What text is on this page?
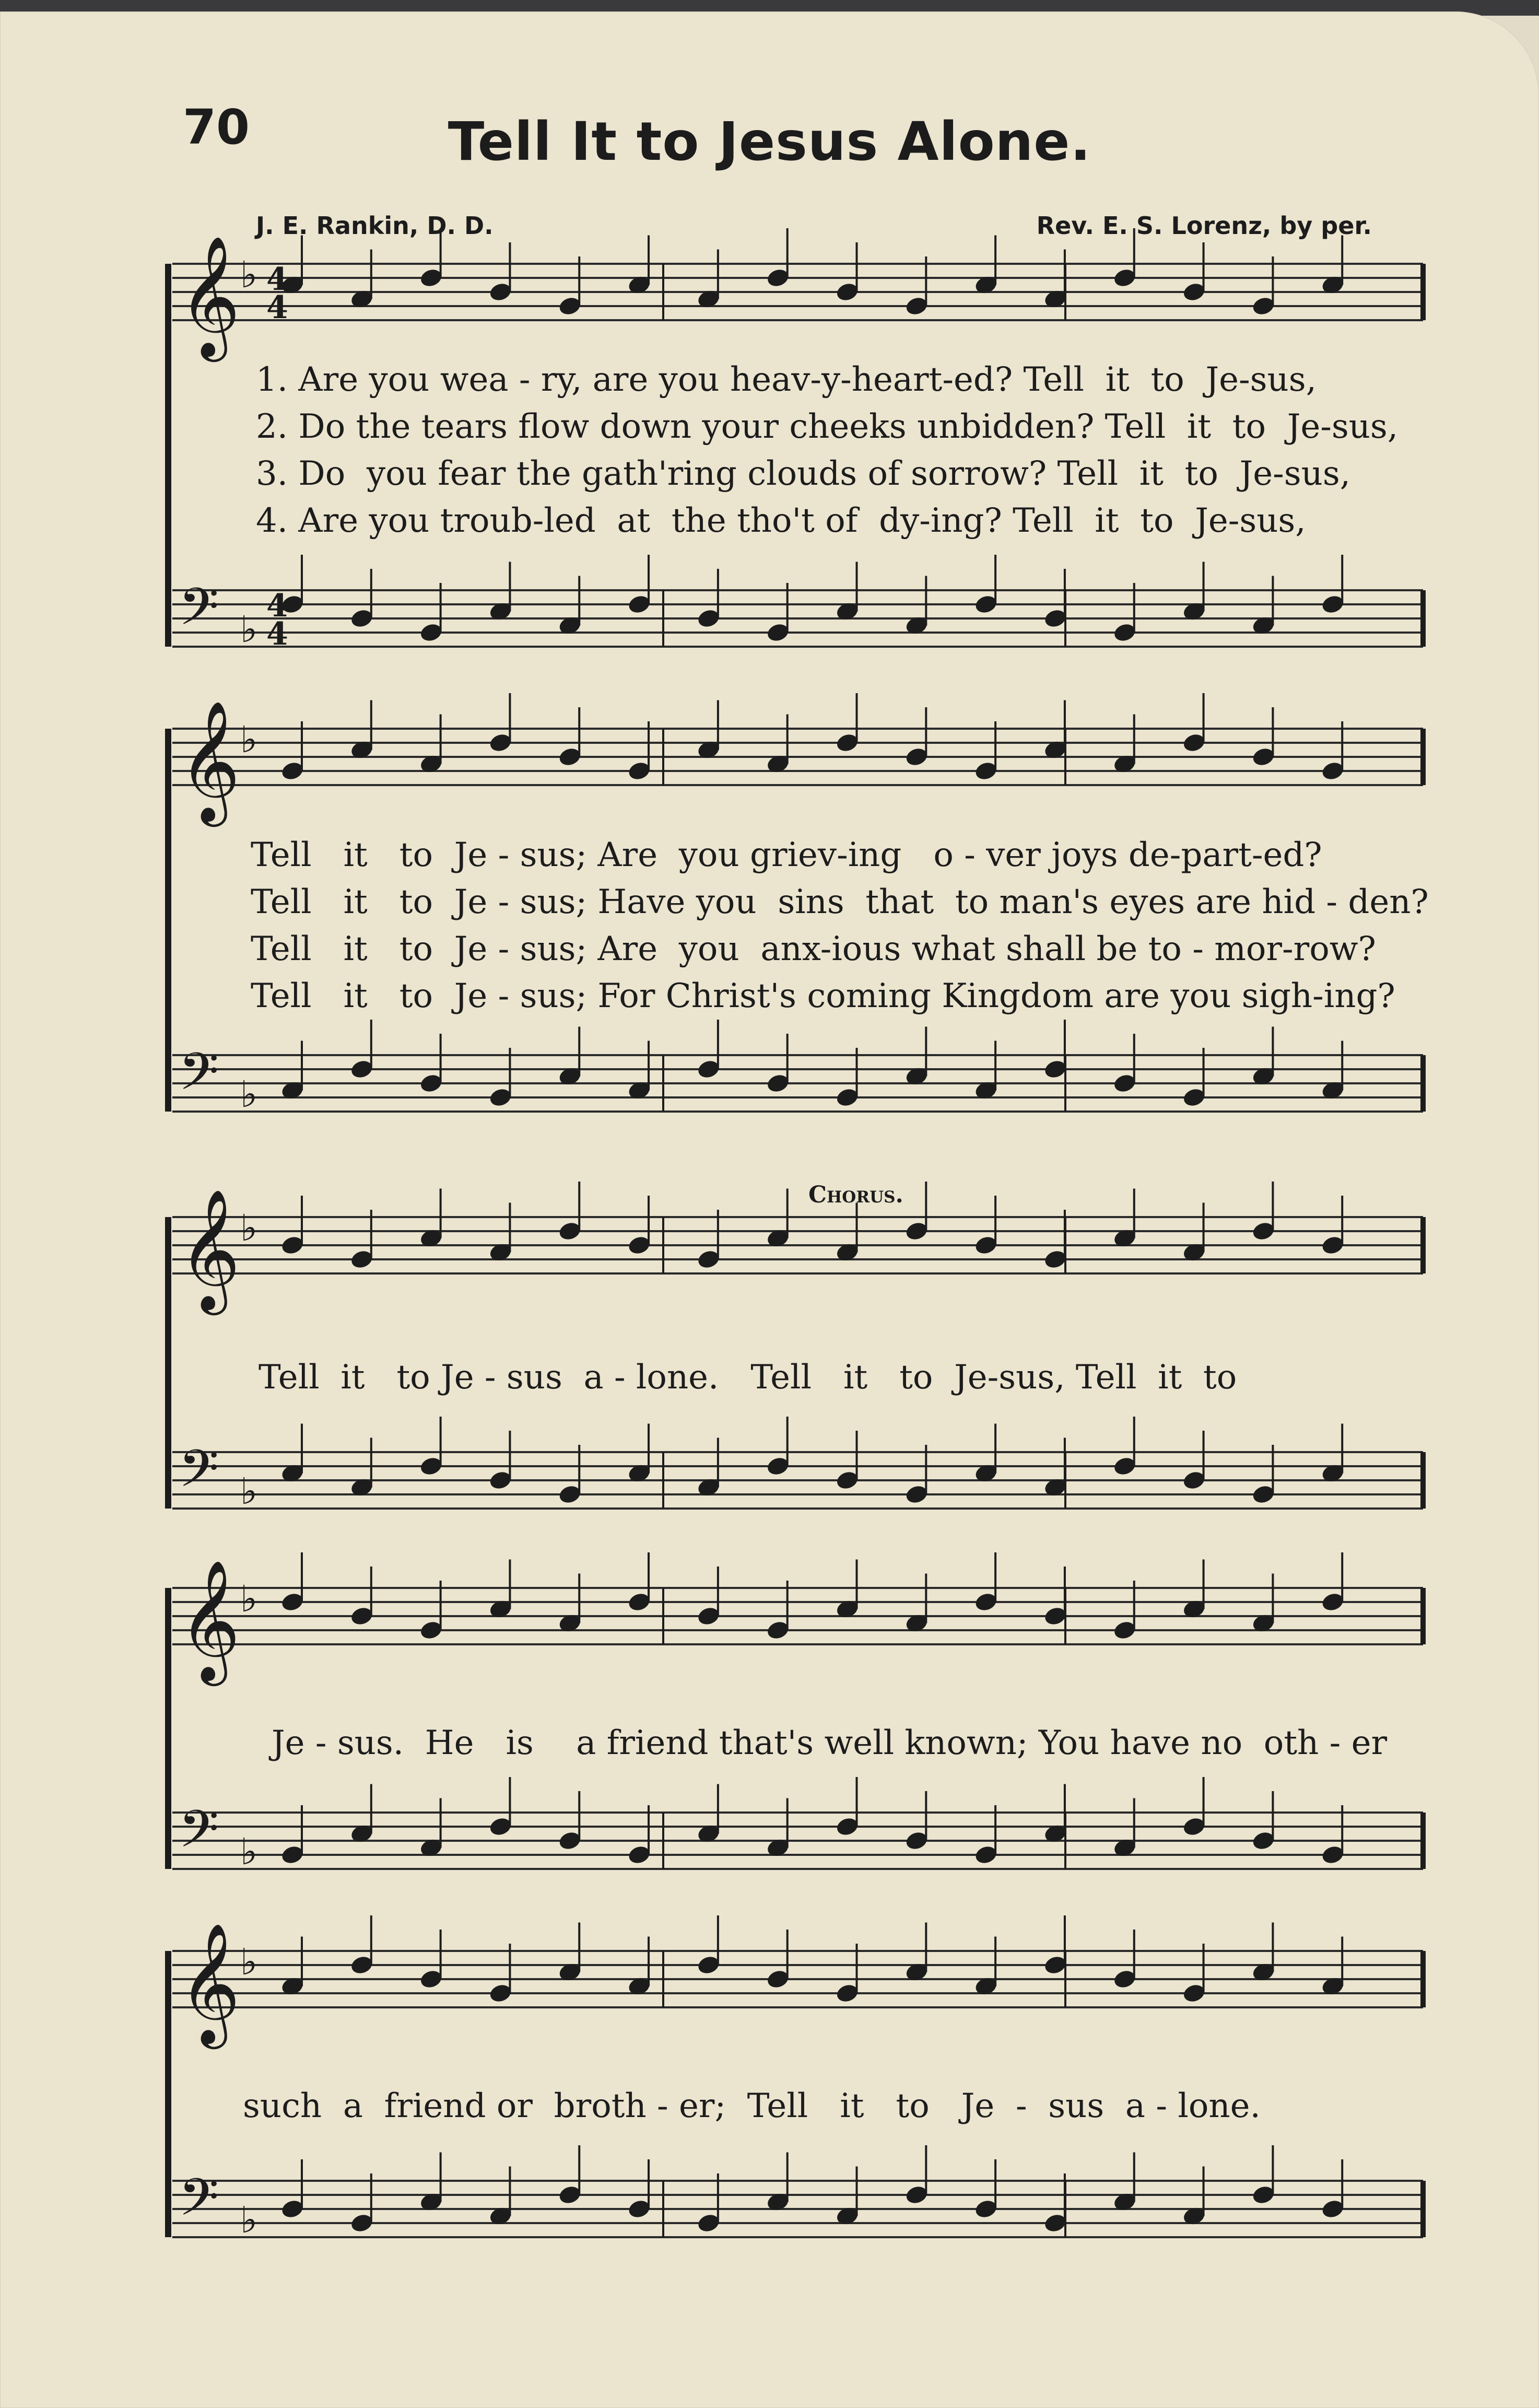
70	Tell It to Jesus Alone.
J. E. Rankin, D. D.	Rev. E. S. Lorenz, by per.
Chorus.
𝄞 ♭
𝄢 ♭
𝄞 ♭
𝄢 ♭
𝄞 ♭
𝄢 ♭
𝄞 ♭
𝄢 ♭
𝄞 ♭
𝄢 ♭
4
4
4
4
1. Are you wea - ry, are you heav-y-heart-ed? Tell  it  to  Je-sus,
2. Do the tears flow down your cheeks unbidden? Tell  it  to  Je-sus,
3. Do  you fear the gath'ring clouds of sorrow? Tell  it  to  Je-sus,
4. Are you troub-led  at  the tho't of  dy-ing? Tell  it  to  Je-sus,
Tell   it   to  Je - sus; Are  you griev-ing   o - ver joys de-part-ed?
Tell   it   to  Je - sus; Have you  sins  that  to man's eyes are hid - den?
Tell   it   to  Je - sus; Are  you  anx-ious what shall be to - mor-row?
Tell   it   to  Je - sus; For Christ's coming Kingdom are you sigh-ing?
Tell  it   to Je - sus  a - lone.   Tell   it   to  Je-sus, Tell  it  to
Je - sus.  He   is    a friend that's well known; You have no  oth - er
such  a  friend or  broth - er;  Tell   it   to   Je  -  sus  a - lone.
